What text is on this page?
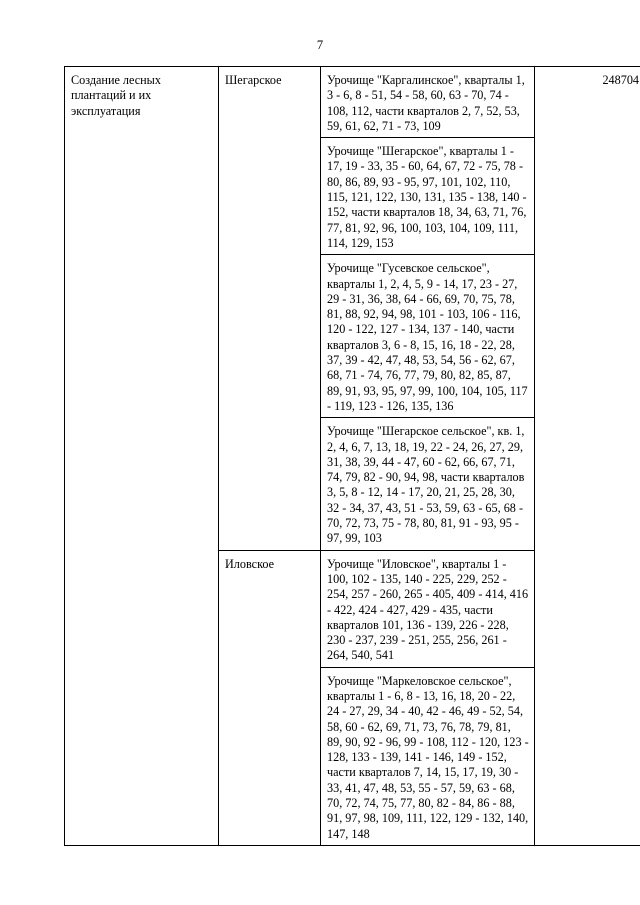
7
Создание лесных плантаций и их эксплуатация	Шегарское	Урочище "Каргалинское", кварталы 1, 3 - 6, 8 - 51, 54 - 58, 60, 63 - 70, 74 - 108, 112, части кварталов 2, 7, 52, 53, 59, 61, 62, 71 - 73, 109	248704

		Урочище "Шегарское", кварталы 1 - 17, 19 - 33, 35 - 60, 64, 67, 72 - 75, 78 - 80, 86, 89, 93 - 95, 97, 101, 102, 110, 115, 121, 122, 130, 131, 135 - 138, 140 - 152, части кварталов 18, 34, 63, 71, 76, 77, 81, 92, 96, 100, 103, 104, 109, 111, 114, 129, 153	

		Урочище "Гусевское сельское", кварталы 1, 2, 4, 5, 9 - 14, 17, 23 - 27, 29 - 31, 36, 38, 64 - 66, 69, 70, 75, 78, 81, 88, 92, 94, 98, 101 - 103, 106 - 116, 120 - 122, 127 - 134, 137 - 140, части кварталов 3, 6 - 8, 15, 16, 18 - 22, 28, 37, 39 - 42, 47, 48, 53, 54, 56 - 62, 67, 68, 71 - 74, 76, 77, 79, 80, 82, 85, 87, 89, 91, 93, 95, 97, 99, 100, 104, 105, 117 - 119, 123 - 126, 135, 136	

		Урочище "Шегарское сельское", кв. 1, 2, 4, 6, 7, 13, 18, 19, 22 - 24, 26, 27, 29, 31, 38, 39, 44 - 47, 60 - 62, 66, 67, 71, 74, 79, 82 - 90, 94, 98, части кварталов 3, 5, 8 - 12, 14 - 17, 20, 21, 25, 28, 30, 32 - 34, 37, 43, 51 - 53, 59, 63 - 65, 68 - 70, 72, 73, 75 - 78, 80, 81, 91 - 93, 95 - 97, 99, 103	

	Иловское	Урочище "Иловское", кварталы 1 - 100, 102 - 135, 140 - 225, 229, 252 - 254, 257 - 260, 265 - 405, 409 - 414, 416 - 422, 424 - 427, 429 - 435, части кварталов 101, 136 - 139, 226 - 228, 230 - 237, 239 - 251, 255, 256, 261 - 264, 540, 541	

		Урочище "Маркеловское сельское", кварталы 1 - 6, 8 - 13, 16, 18, 20 - 22, 24 - 27, 29, 34 - 40, 42 - 46, 49 - 52, 54, 58, 60 - 62, 69, 71, 73, 76, 78, 79, 81, 89, 90, 92 - 96, 99 - 108, 112 - 120, 123 - 128, 133 - 139, 141 - 146, 149 - 152, части кварталов 7, 14, 15, 17, 19, 30 - 33, 41, 47, 48, 53, 55 - 57, 59, 63 - 68, 70, 72, 74, 75, 77, 80, 82 - 84, 86 - 88, 91, 97, 98, 109, 111, 122, 129 - 132, 140, 147, 148	
